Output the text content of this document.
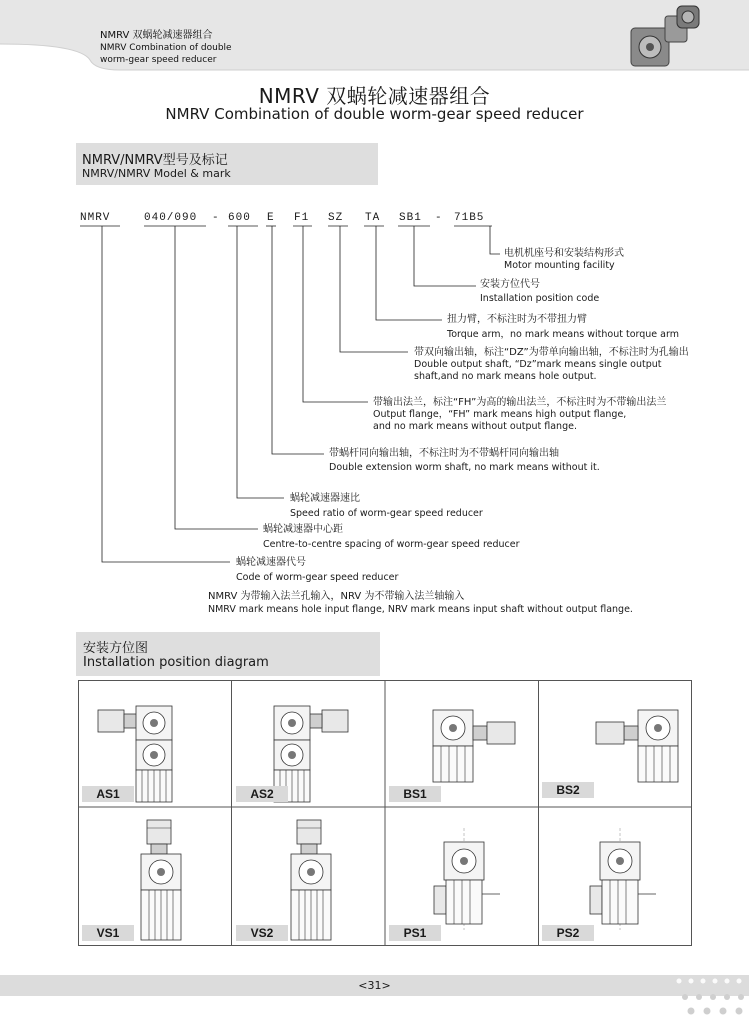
NMRV 双蜗轮减速器组合
NMRV Combination of double
worm-gear speed reducer
NMRV 双蜗轮减速器组合
NMRV Combination of double worm-gear speed reducer
NMRV/NMRV型号及标记
NMRV/NMRV Model & mark
NMRV	040/090 - 600 E F1 SZ TA SB1 - 71B5
电机机座号和安装结构形式
Motor mounting facility
安装方位代号
Installation position code
扭力臂，不标注时为不带扭力臂
Torque arm，no mark means without torque arm
带双向输出轴，标注“DZ”为带单向输出轴，不标注时为孔输出
Double output shaft, “Dz”mark means single output
shaft,and no mark means hole output.
带输出法兰，标注“FH”为高的输出法兰，不标注时为不带输出法兰
Output flange，“FH” mark means high output flange,
and no mark means without output flange.
带蜗杆同向输出轴，不标注时为不带蜗杆同向输出轴
Double extension worm shaft, no mark means without it.
蜗轮减速器速比
Speed ratio of worm-gear speed reducer
蜗轮减速器中心距
Centre-to-centre spacing of worm-gear speed reducer
蜗轮减速器代号
Code of worm-gear speed reducer
NMRV 为带输入法兰孔输入，NRV 为不带输入法兰轴输入
NMRV mark means hole input flange, NRV mark means input shaft without output flange.
安装方位图
Installation position diagram
AS1	AS2	BS1	BS2
VS1	VS2	PS1	PS2
<31>
